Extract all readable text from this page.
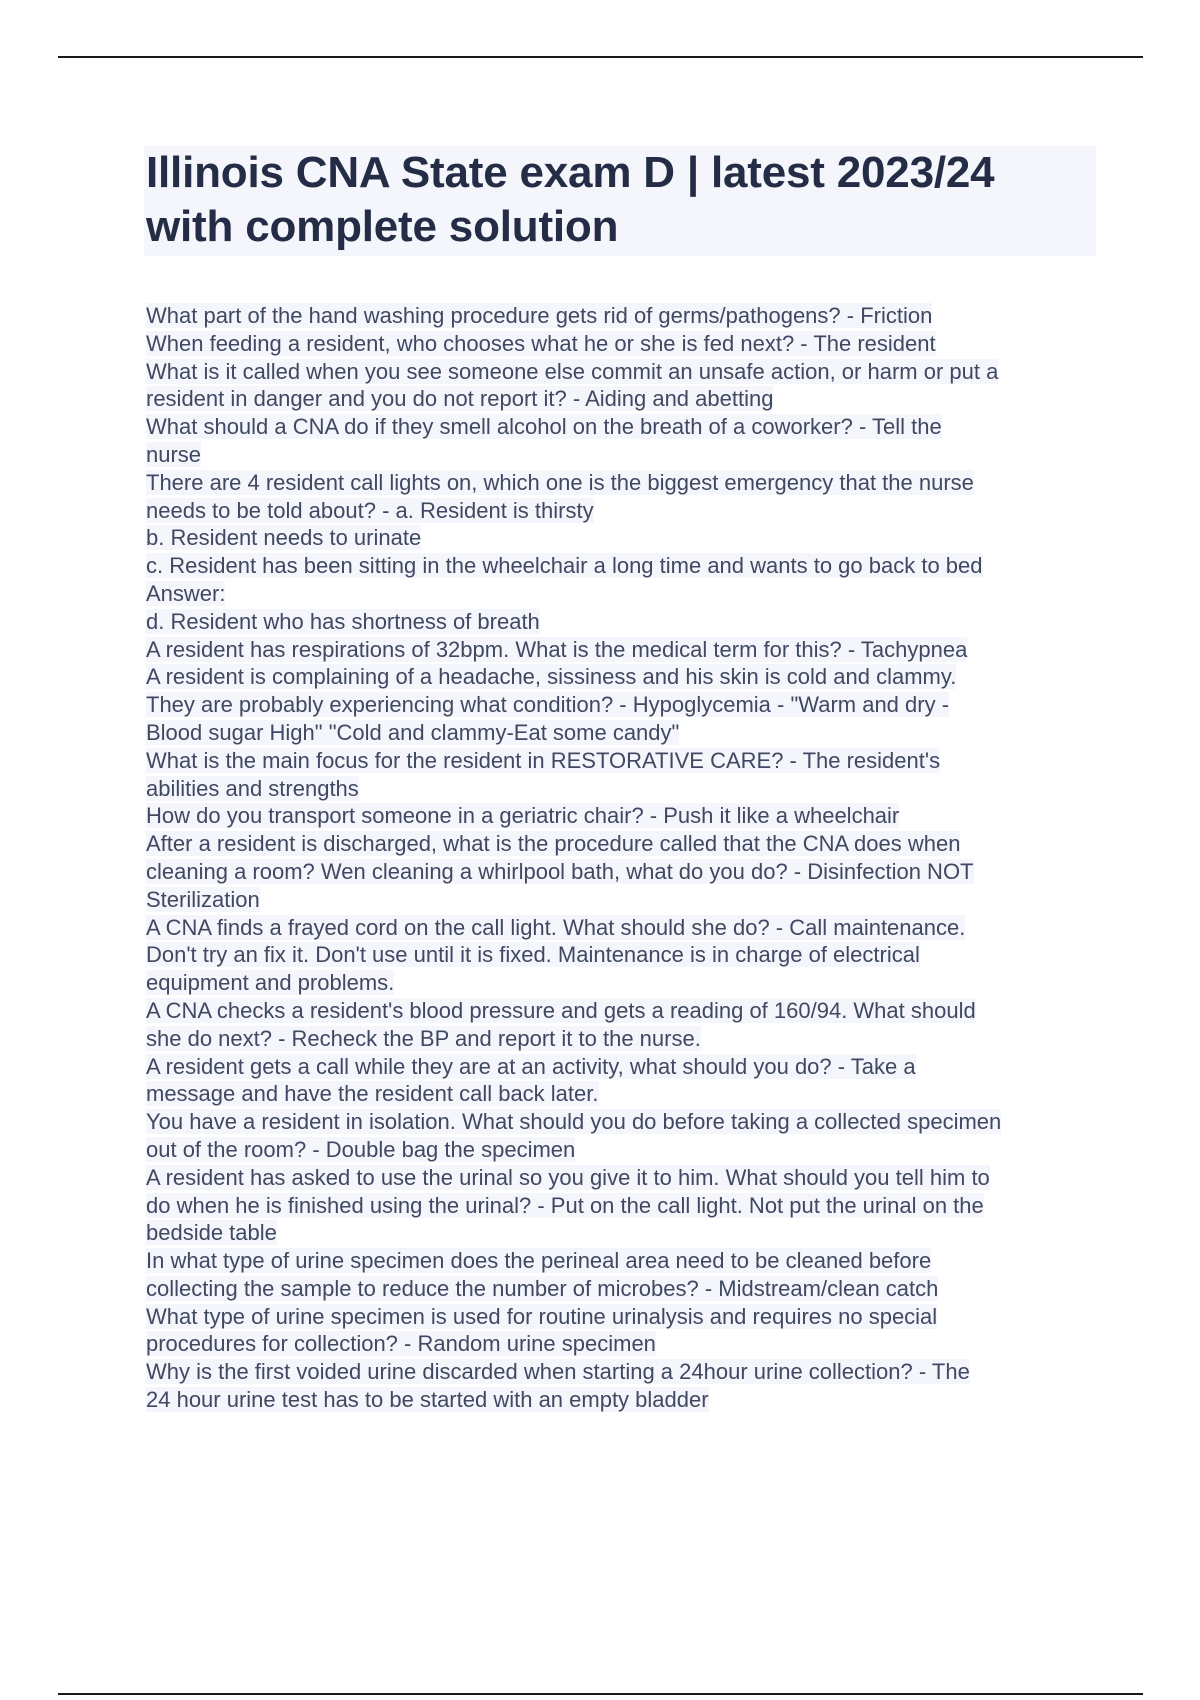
Illinois CNA State exam D | latest 2023/24
with complete solution
What part of the hand washing procedure gets rid of germs/pathogens? - Friction
When feeding a resident, who chooses what he or she is fed next? - The resident
What is it called when you see someone else commit an unsafe action, or harm or put a
resident in danger and you do not report it? - Aiding and abetting
What should a CNA do if they smell alcohol on the breath of a coworker? - Tell the
nurse
There are 4 resident call lights on, which one is the biggest emergency that the nurse
needs to be told about? - a. Resident is thirsty
b. Resident needs to urinate
c. Resident has been sitting in the wheelchair a long time and wants to go back to bed
Answer:
d. Resident who has shortness of breath
A resident has respirations of 32bpm. What is the medical term for this? - Tachypnea
A resident is complaining of a headache, sissiness and his skin is cold and clammy.
They are probably experiencing what condition? - Hypoglycemia - "Warm and dry -
Blood sugar High" "Cold and clammy-Eat some candy"
What is the main focus for the resident in RESTORATIVE CARE? - The resident's
abilities and strengths
How do you transport someone in a geriatric chair? - Push it like a wheelchair
After a resident is discharged, what is the procedure called that the CNA does when
cleaning a room? Wen cleaning a whirlpool bath, what do you do? - Disinfection NOT
Sterilization
A CNA finds a frayed cord on the call light. What should she do? - Call maintenance.
Don't try an fix it. Don't use until it is fixed. Maintenance is in charge of electrical
equipment and problems.
A CNA checks a resident's blood pressure and gets a reading of 160/94. What should
she do next? - Recheck the BP and report it to the nurse.
A resident gets a call while they are at an activity, what should you do? - Take a
message and have the resident call back later.
You have a resident in isolation. What should you do before taking a collected specimen
out of the room? - Double bag the specimen
A resident has asked to use the urinal so you give it to him. What should you tell him to
do when he is finished using the urinal? - Put on the call light. Not put the urinal on the
bedside table
In what type of urine specimen does the perineal area need to be cleaned before
collecting the sample to reduce the number of microbes? - Midstream/clean catch
What type of urine specimen is used for routine urinalysis and requires no special
procedures for collection? - Random urine specimen
Why is the first voided urine discarded when starting a 24hour urine collection? - The
24 hour urine test has to be started with an empty bladder
